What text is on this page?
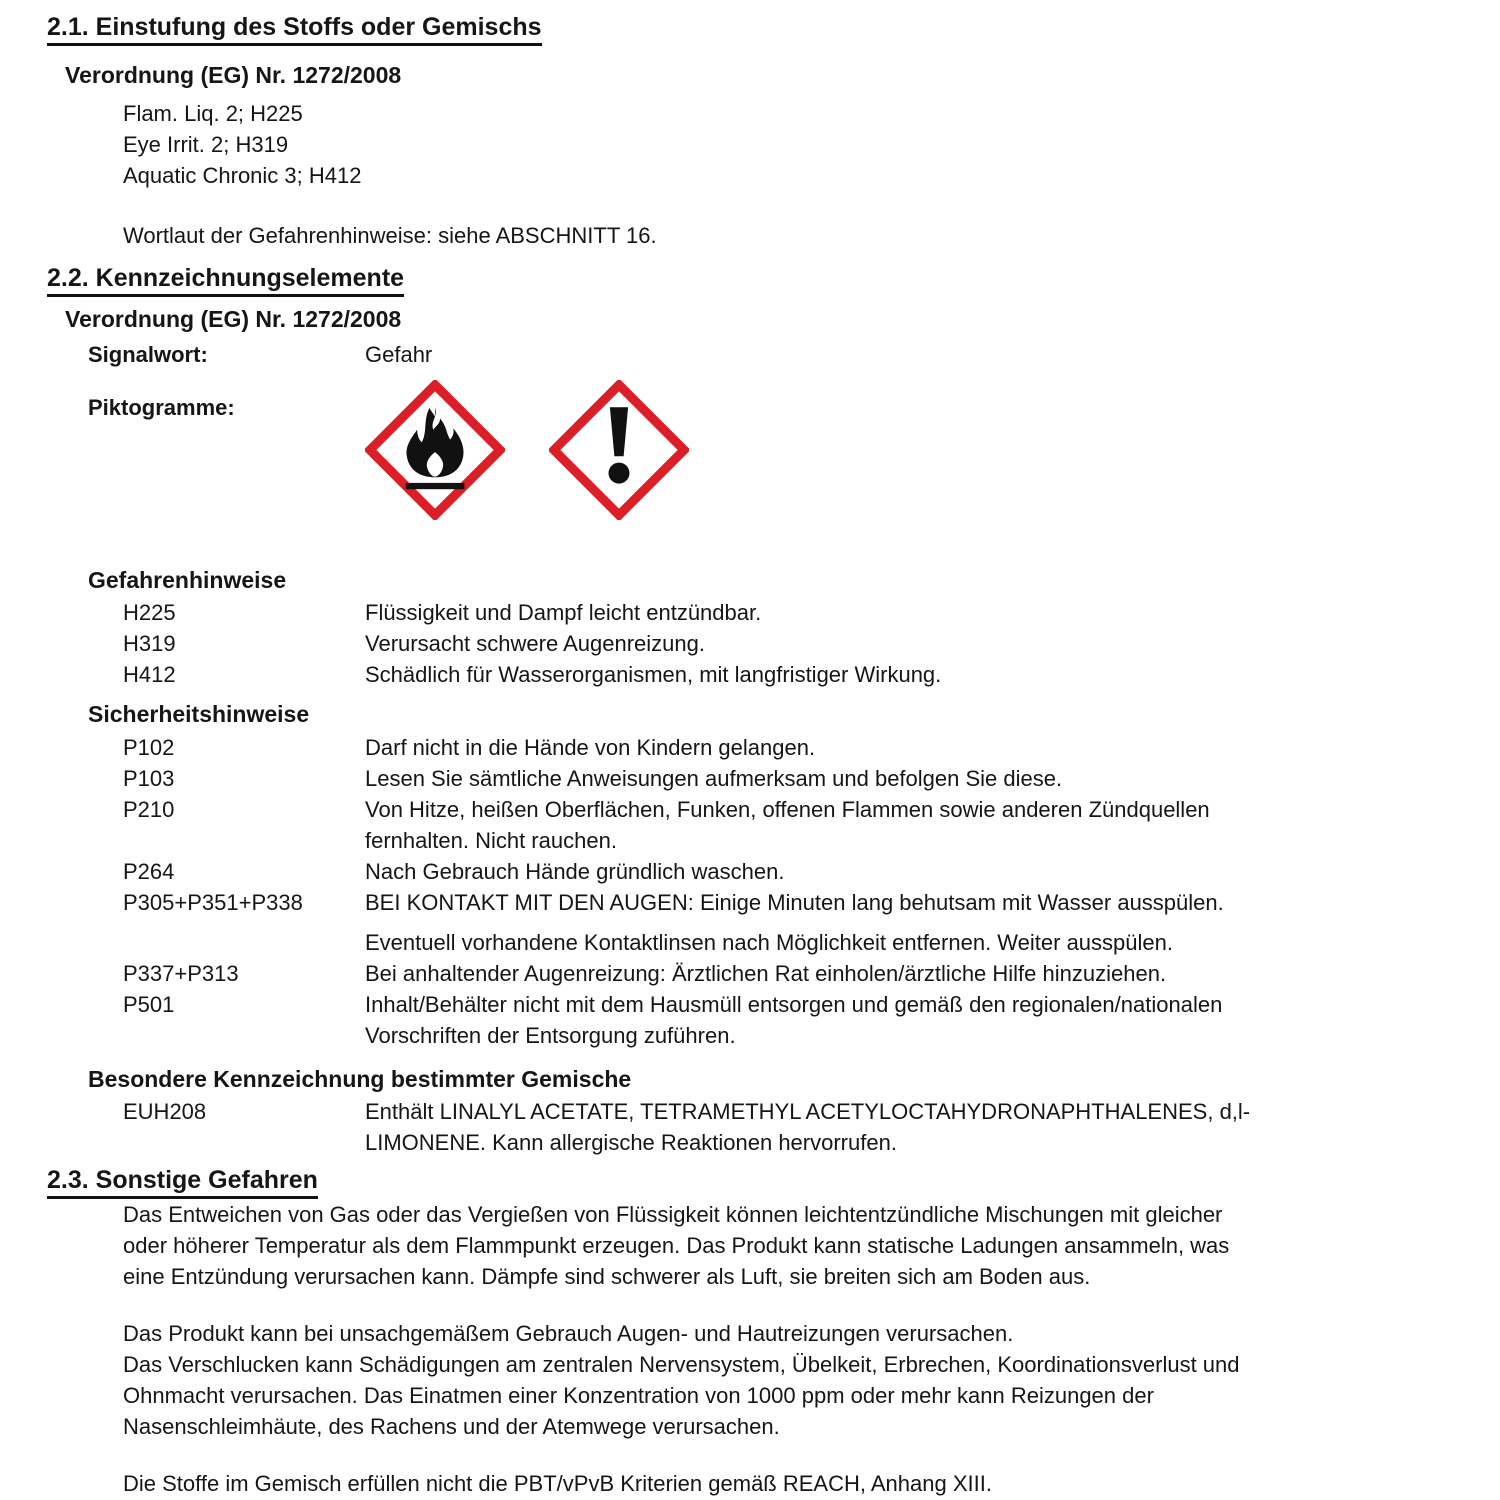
2.1. Einstufung des Stoffs oder Gemischs
Verordnung (EG) Nr. 1272/2008
Flam. Liq. 2; H225
Eye Irrit. 2; H319
Aquatic Chronic 3; H412
Wortlaut der Gefahrenhinweise: siehe ABSCHNITT 16.
2.2. Kennzeichnungselemente
Verordnung (EG) Nr. 1272/2008
Signalwort:	Gefahr
Piktogramme:
Gefahrenhinweise
H225	Flüssigkeit und Dampf leicht entzündbar.
H319	Verursacht schwere Augenreizung.
H412	Schädlich für Wasserorganismen, mit langfristiger Wirkung.
Sicherheitshinweise
P102	Darf nicht in die Hände von Kindern gelangen.
P103	Lesen Sie sämtliche Anweisungen aufmerksam und befolgen Sie diese.
P210	Von Hitze, heißen Oberflächen, Funken, offenen Flammen sowie anderen Zündquellen fernhalten. Nicht rauchen.
P264	Nach Gebrauch Hände gründlich waschen.
P305+P351+P338	BEI KONTAKT MIT DEN AUGEN: Einige Minuten lang behutsam mit Wasser ausspülen.
Eventuell vorhandene Kontaktlinsen nach Möglichkeit entfernen. Weiter ausspülen.
P337+P313	Bei anhaltender Augenreizung: Ärztlichen Rat einholen/ärztliche Hilfe hinzuziehen.
P501	Inhalt/Behälter nicht mit dem Hausmüll entsorgen und gemäß den regionalen/nationalen Vorschriften der Entsorgung zuführen.
Besondere Kennzeichnung bestimmter Gemische
EUH208	Enthält LINALYL ACETATE, TETRAMETHYL ACETYLOCTAHYDRONAPHTHALENES, d,l-LIMONENE. Kann allergische Reaktionen hervorrufen.
2.3. Sonstige Gefahren

Das Entweichen von Gas oder das Vergießen von Flüssigkeit können leichtentzündliche Mischungen mit gleicher oder höherer Temperatur als dem Flammpunkt erzeugen. Das Produkt kann statische Ladungen ansammeln, was eine Entzündung verursachen kann. Dämpfe sind schwerer als Luft, sie breiten sich am Boden aus.

Das Produkt kann bei unsachgemäßem Gebrauch Augen- und Hautreizungen verursachen.

Das Verschlucken kann Schädigungen am zentralen Nervensystem, Übelkeit, Erbrechen, Koordinationsverlust und Ohnmacht verursachen. Das Einatmen einer Konzentration von 1000 ppm oder mehr kann Reizungen der Nasenschleimhäute, des Rachens und der Atemwege verursachen.

Die Stoffe im Gemisch erfüllen nicht die PBT/vPvB Kriterien gemäß REACH, Anhang XIII.
